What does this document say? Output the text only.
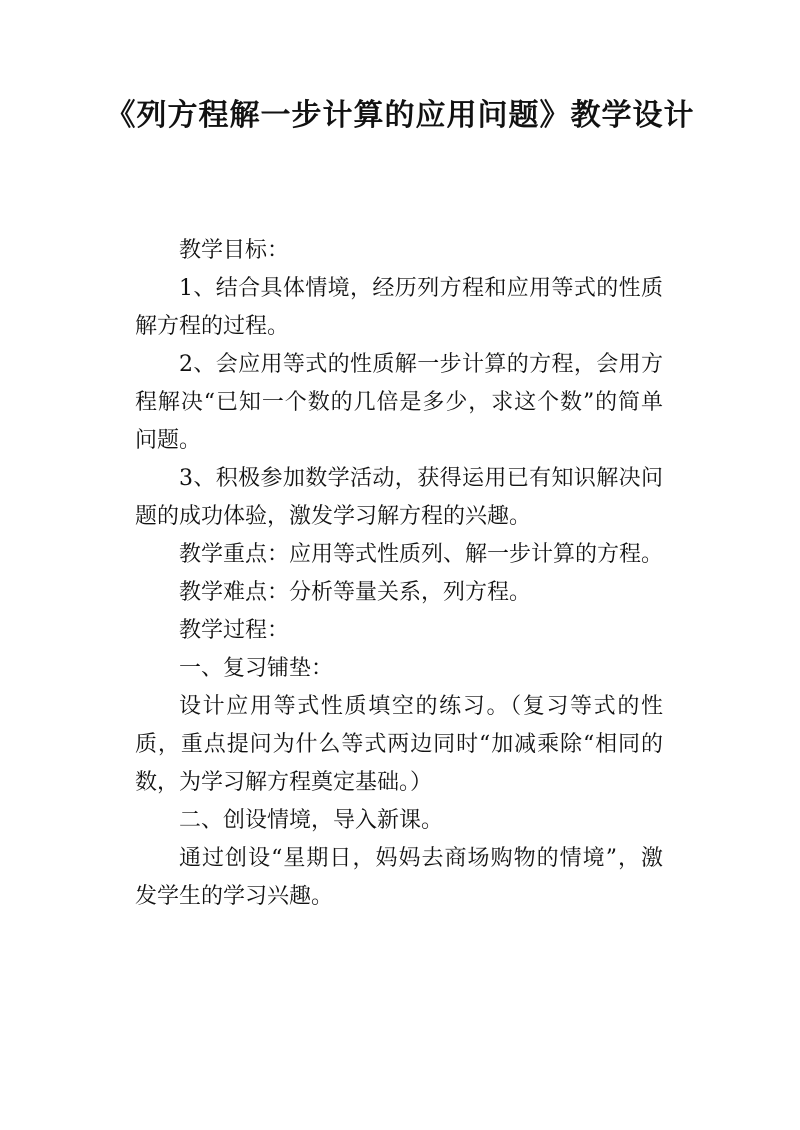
《列方程解一步计算的应用问题》教学设计

教学目标：

1、结合具体情境，经历列方程和应用等式的性质解方程的过程。

2、会应用等式的性质解一步计算的方程，会用方程解决“已知一个数的几倍是多少，求这个数”的简单问题。

3、积极参加数学活动，获得运用已有知识解决问题的成功体验，激发学习解方程的兴趣。

教学重点：应用等式性质列、解一步计算的方程。

教学难点：分析等量关系，列方程。

教学过程：

一、复习铺垫：

设计应用等式性质填空的练习。（复习等式的性质，重点提问为什么等式两边同时“加减乘除“相同的数，为学习解方程奠定基础。）

二、创设情境，导入新课。

通过创设“星期日，妈妈去商场购物的情境”，激发学生的学习兴趣。
